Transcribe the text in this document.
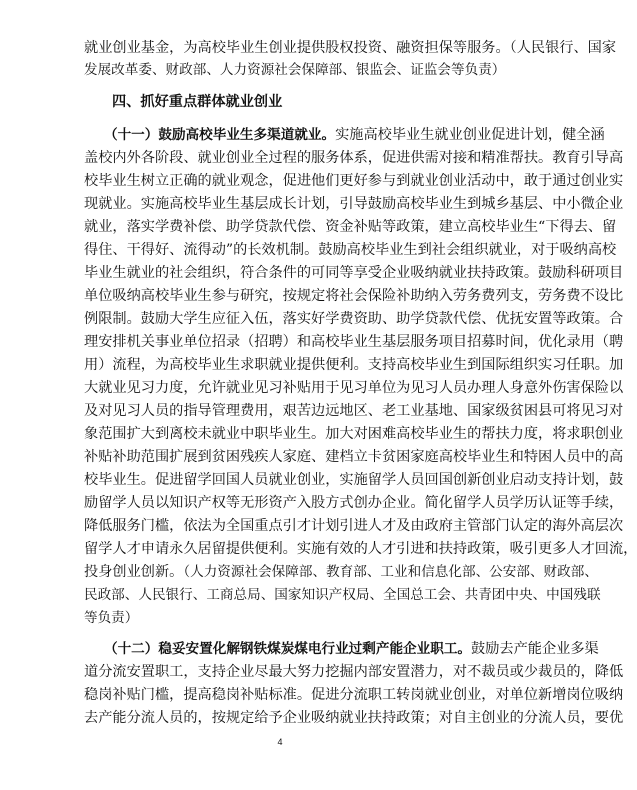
就业创业基金，为高校毕业生创业提供股权投资、融资担保等服务。（人民银行、国家
发展改革委、财政部、人力资源社会保障部、银监会、证监会等负责）
四、抓好重点群体就业创业
（十一）鼓励高校毕业生多渠道就业。实施高校毕业生就业创业促进计划，健全涵
盖校内外各阶段、就业创业全过程的服务体系，促进供需对接和精准帮扶。教育引导高
校毕业生树立正确的就业观念，促进他们更好参与到就业创业活动中，敢于通过创业实
现就业。实施高校毕业生基层成长计划，引导鼓励高校毕业生到城乡基层、中小微企业
就业，落实学费补偿、助学贷款代偿、资金补贴等政策，建立高校毕业生“下得去、留
得住、干得好、流得动”的长效机制。鼓励高校毕业生到社会组织就业，对于吸纳高校
毕业生就业的社会组织，符合条件的可同等享受企业吸纳就业扶持政策。鼓励科研项目
单位吸纳高校毕业生参与研究，按规定将社会保险补助纳入劳务费列支，劳务费不设比
例限制。鼓励大学生应征入伍，落实好学费资助、助学贷款代偿、优抚安置等政策。合
理安排机关事业单位招录（招聘）和高校毕业生基层服务项目招募时间，优化录用（聘
用）流程，为高校毕业生求职就业提供便利。支持高校毕业生到国际组织实习任职。加
大就业见习力度，允许就业见习补贴用于见习单位为见习人员办理人身意外伤害保险以
及对见习人员的指导管理费用，艰苦边远地区、老工业基地、国家级贫困县可将见习对
象范围扩大到离校未就业中职毕业生。加大对困难高校毕业生的帮扶力度，将求职创业
补贴补助范围扩展到贫困残疾人家庭、建档立卡贫困家庭高校毕业生和特困人员中的高
校毕业生。促进留学回国人员就业创业，实施留学人员回国创新创业启动支持计划，鼓
励留学人员以知识产权等无形资产入股方式创办企业。简化留学人员学历认证等手续，
降低服务门槛，依法为全国重点引才计划引进人才及由政府主管部门认定的海外高层次
留学人才申请永久居留提供便利。实施有效的人才引进和扶持政策，吸引更多人才回流，
投身创业创新。（人力资源社会保障部、教育部、工业和信息化部、公安部、财政部、
民政部、人民银行、工商总局、国家知识产权局、全国总工会、共青团中央、中国残联
等负责）
（十二）稳妥安置化解钢铁煤炭煤电行业过剩产能企业职工。鼓励去产能企业多渠
道分流安置职工，支持企业尽最大努力挖掘内部安置潜力，对不裁员或少裁员的，降低
稳岗补贴门槛，提高稳岗补贴标准。促进分流职工转岗就业创业，对单位新增岗位吸纳
去产能分流人员的，按规定给予企业吸纳就业扶持政策；对自主创业的分流人员，要优
4
